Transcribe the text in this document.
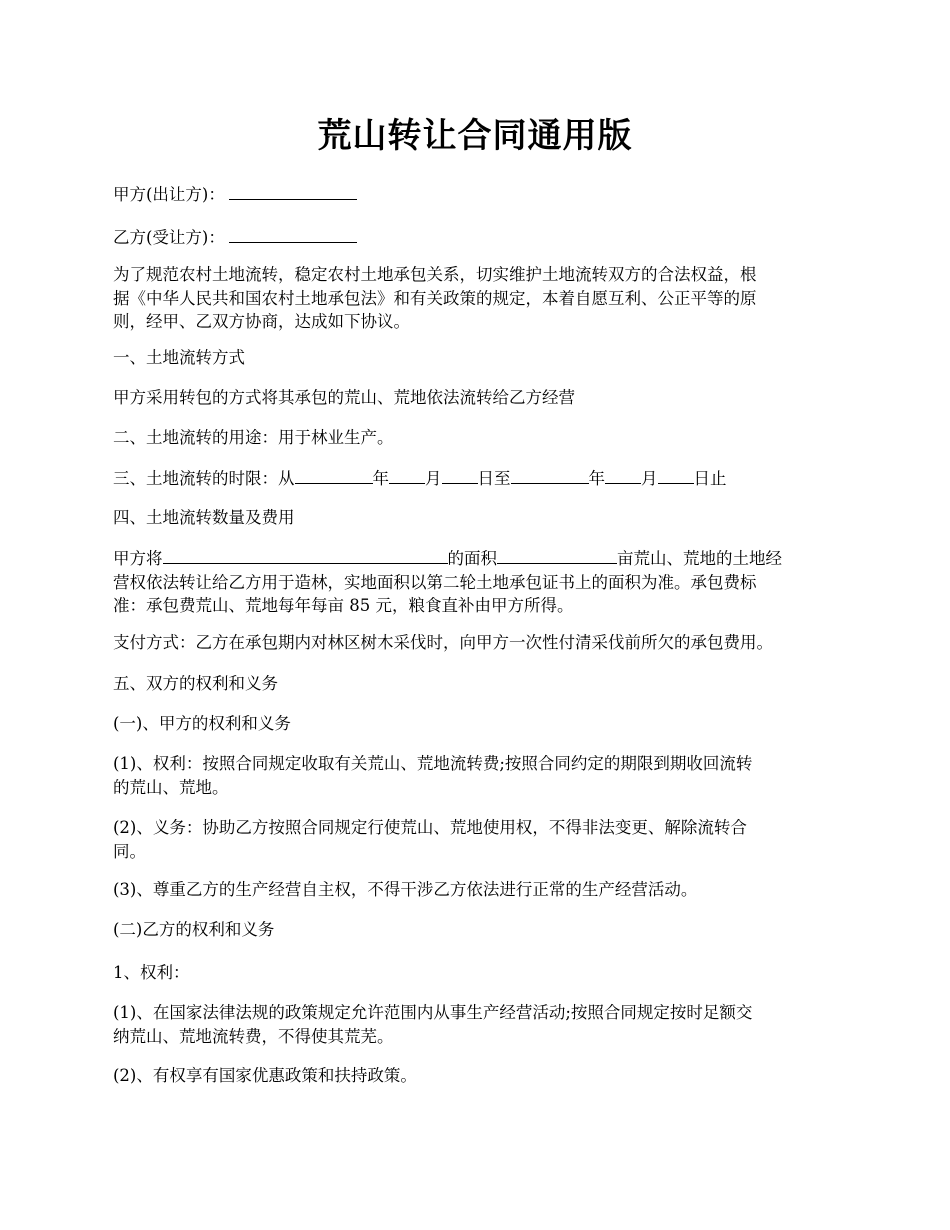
荒山转让合同通用版

甲方(出让方)：

乙方(受让方)：

为了规范农村土地流转，稳定农村土地承包关系，切实维护土地流转双方的合法权益，根
据《中华人民共和国农村土地承包法》和有关政策的规定，本着自愿互利、公正平等的原
则，经甲、乙双方协商，达成如下协议。

一、土地流转方式

甲方采用转包的方式将其承包的荒山、荒地依法流转给乙方经营

二、土地流转的用途：用于林业生产。

三、土地流转的时限：从	年 月 日至	年 月 日止

四、土地流转数量及费用

甲方将	的面积	亩荒山、荒地的土地经
营权依法转让给乙方用于造林，实地面积以第二轮土地承包证书上的面积为准。承包费标
准：承包费荒山、荒地每年每亩 85 元，粮食直补由甲方所得。

支付方式：乙方在承包期内对林区树木采伐时，向甲方一次性付清采伐前所欠的承包费用。

五、双方的权利和义务

(一)、甲方的权利和义务

(1)、权利：按照合同规定收取有关荒山、荒地流转费;按照合同约定的期限到期收回流转
的荒山、荒地。

(2)、义务：协助乙方按照合同规定行使荒山、荒地使用权，不得非法变更、解除流转合
同。

(3)、尊重乙方的生产经营自主权，不得干涉乙方依法进行正常的生产经营活动。

(二)乙方的权利和义务

1、权利：

(1)、在国家法律法规的政策规定允许范围内从事生产经营活动;按照合同规定按时足额交
纳荒山、荒地流转费，不得使其荒芜。

(2)、有权享有国家优惠政策和扶持政策。
